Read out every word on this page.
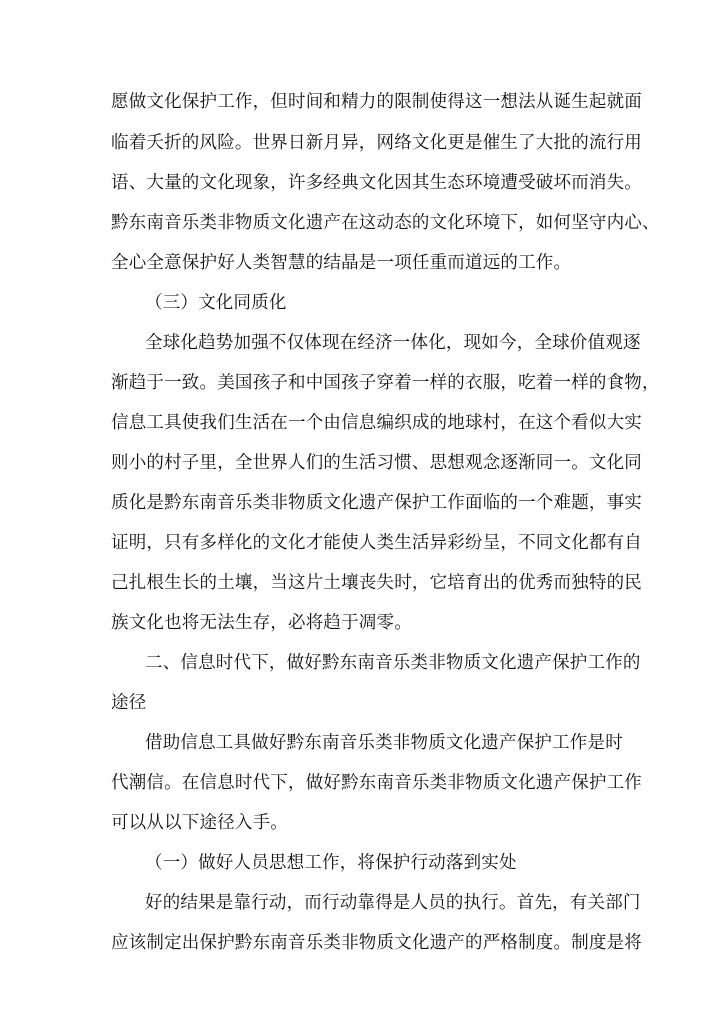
愿做文化保护工作，但时间和精力的限制使得这一想法从诞生起就面
临着夭折的风险。世界日新月异，网络文化更是催生了大批的流行用
语、大量的文化现象，许多经典文化因其生态环境遭受破坏而消失。
黔东南音乐类非物质文化遗产在这动态的文化环境下，如何坚守内心、
全心全意保护好人类智慧的结晶是一项任重而道远的工作。
（三）文化同质化
全球化趋势加强不仅体现在经济一体化，现如今，全球价值观逐
渐趋于一致。美国孩子和中国孩子穿着一样的衣服，吃着一样的食物，
信息工具使我们生活在一个由信息编织成的地球村，在这个看似大实
则小的村子里，全世界人们的生活习惯、思想观念逐渐同一。文化同
质化是黔东南音乐类非物质文化遗产保护工作面临的一个难题，事实
证明，只有多样化的文化才能使人类生活异彩纷呈，不同文化都有自
己扎根生长的土壤，当这片土壤丧失时，它培育出的优秀而独特的民
族文化也将无法生存，必将趋于凋零。
二、信息时代下，做好黔东南音乐类非物质文化遗产保护工作的
途径
借助信息工具做好黔东南音乐类非物质文化遗产保护工作是时
代潮信。在信息时代下，做好黔东南音乐类非物质文化遗产保护工作
可以从以下途径入手。
（一）做好人员思想工作，将保护行动落到实处
好的结果是靠行动，而行动靠得是人员的执行。首先，有关部门
应该制定出保护黔东南音乐类非物质文化遗产的严格制度。制度是将
